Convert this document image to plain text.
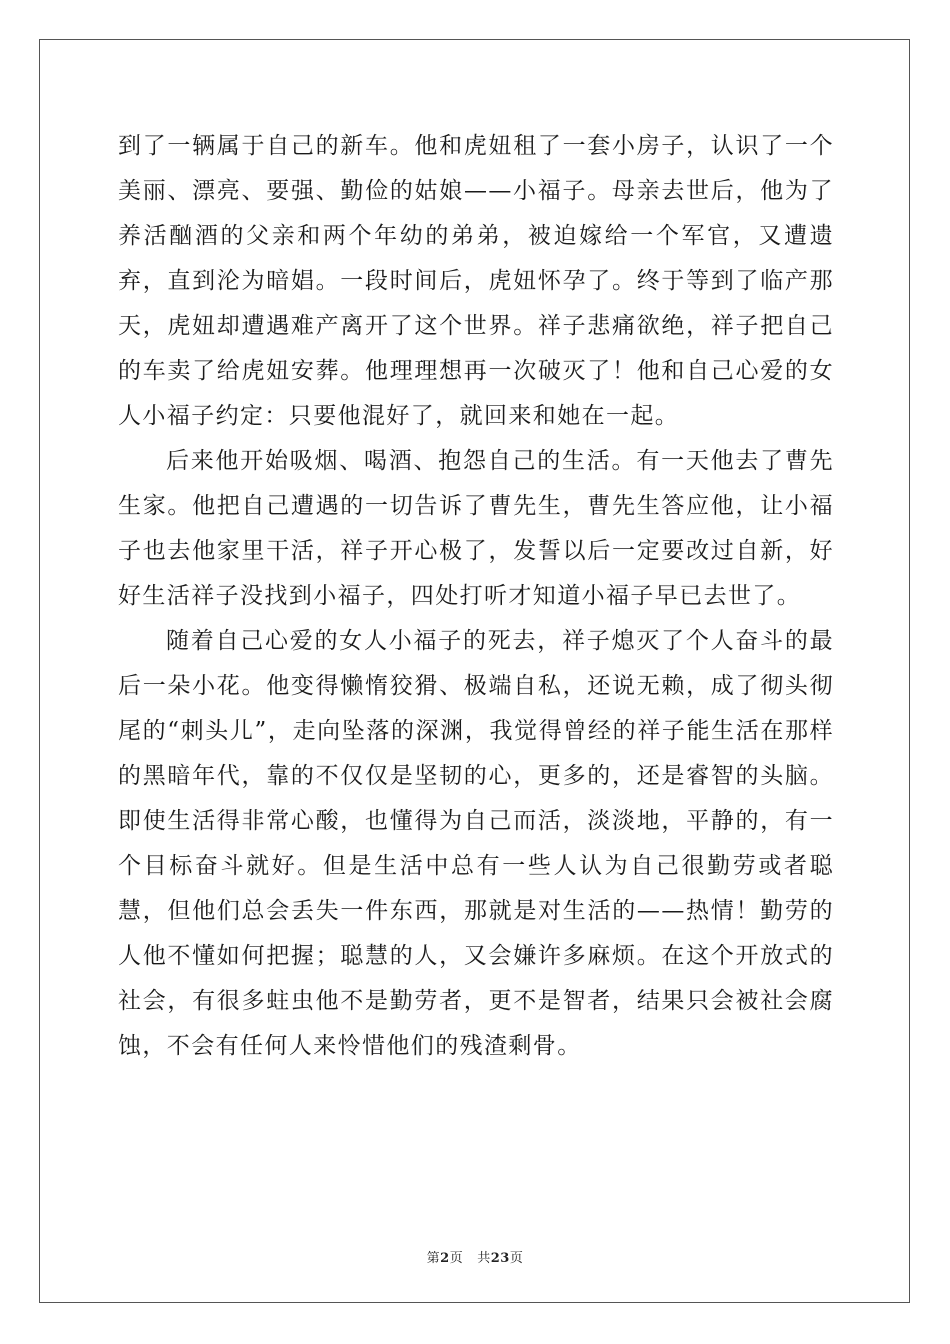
到了一辆属于自己的新车。他和虎妞租了一套小房子，认识了一个美丽、漂亮、要强、勤俭的姑娘——小福子。母亲去世后，他为了养活酗酒的父亲和两个年幼的弟弟，被迫嫁给一个军官，又遭遗弃，直到沦为暗娼。一段时间后，虎妞怀孕了。终于等到了临产那天，虎妞却遭遇难产离开了这个世界。祥子悲痛欲绝，祥子把自己的车卖了给虎妞安葬。他理理想再一次破灭了！他和自己心爱的女人小福子约定：只要他混好了，就回来和她在一起。

后来他开始吸烟、喝酒、抱怨自己的生活。有一天他去了曹先生家。他把自己遭遇的一切告诉了曹先生，曹先生答应他，让小福子也去他家里干活，祥子开心极了，发誓以后一定要改过自新，好好生活祥子没找到小福子，四处打听才知道小福子早已去世了。

随着自己心爱的女人小福子的死去，祥子熄灭了个人奋斗的最后一朵小花。他变得懒惰狡猾、极端自私，还说无赖，成了彻头彻尾的“刺头儿”，走向坠落的深渊，我觉得曾经的祥子能生活在那样的黑暗年代，靠的不仅仅是坚韧的心，更多的，还是睿智的头脑。即使生活得非常心酸，也懂得为自己而活，淡淡地，平静的，有一个目标奋斗就好。但是生活中总有一些人认为自己很勤劳或者聪慧，但他们总会丢失一件东西，那就是对生活的——热情！勤劳的人他不懂如何把握；聪慧的人，又会嫌许多麻烦。在这个开放式的社会，有很多蛀虫他不是勤劳者，更不是智者，结果只会被社会腐蚀，不会有任何人来怜惜他们的残渣剩骨。

第2页 共23页
